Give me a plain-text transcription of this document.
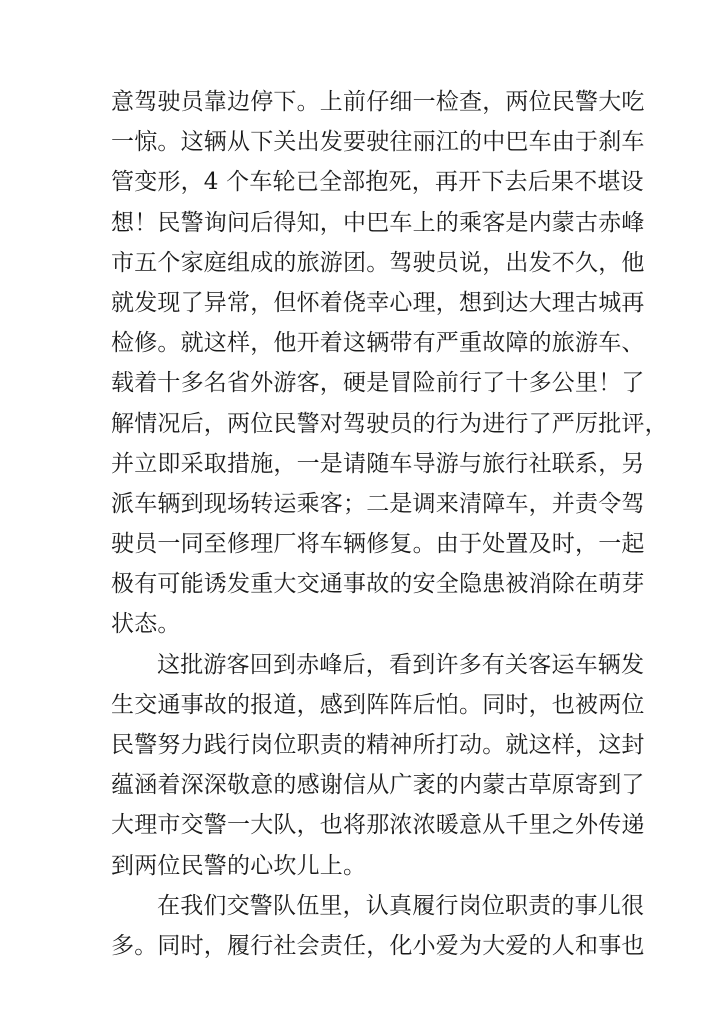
意驾驶员靠边停下。上前仔细一检查，两位民警大吃
一惊。这辆从下关出发要驶往丽江的中巴车由于刹车
管变形，4 个车轮已全部抱死，再开下去后果不堪设
想！民警询问后得知，中巴车上的乘客是内蒙古赤峰
市五个家庭组成的旅游团。驾驶员说，出发不久，他
就发现了异常，但怀着侥幸心理，想到达大理古城再
检修。就这样，他开着这辆带有严重故障的旅游车、
载着十多名省外游客，硬是冒险前行了十多公里！了
解情况后，两位民警对驾驶员的行为进行了严厉批评，
并立即采取措施，一是请随车导游与旅行社联系，另
派车辆到现场转运乘客；二是调来清障车，并责令驾
驶员一同至修理厂将车辆修复。由于处置及时，一起
极有可能诱发重大交通事故的安全隐患被消除在萌芽
状态。
这批游客回到赤峰后，看到许多有关客运车辆发
生交通事故的报道，感到阵阵后怕。同时，也被两位
民警努力践行岗位职责的精神所打动。就这样，这封
蕴涵着深深敬意的感谢信从广袤的内蒙古草原寄到了
大理市交警一大队，也将那浓浓暖意从千里之外传递
到两位民警的心坎儿上。
在我们交警队伍里，认真履行岗位职责的事儿很
多。同时，履行社会责任，化小爱为大爱的人和事也
